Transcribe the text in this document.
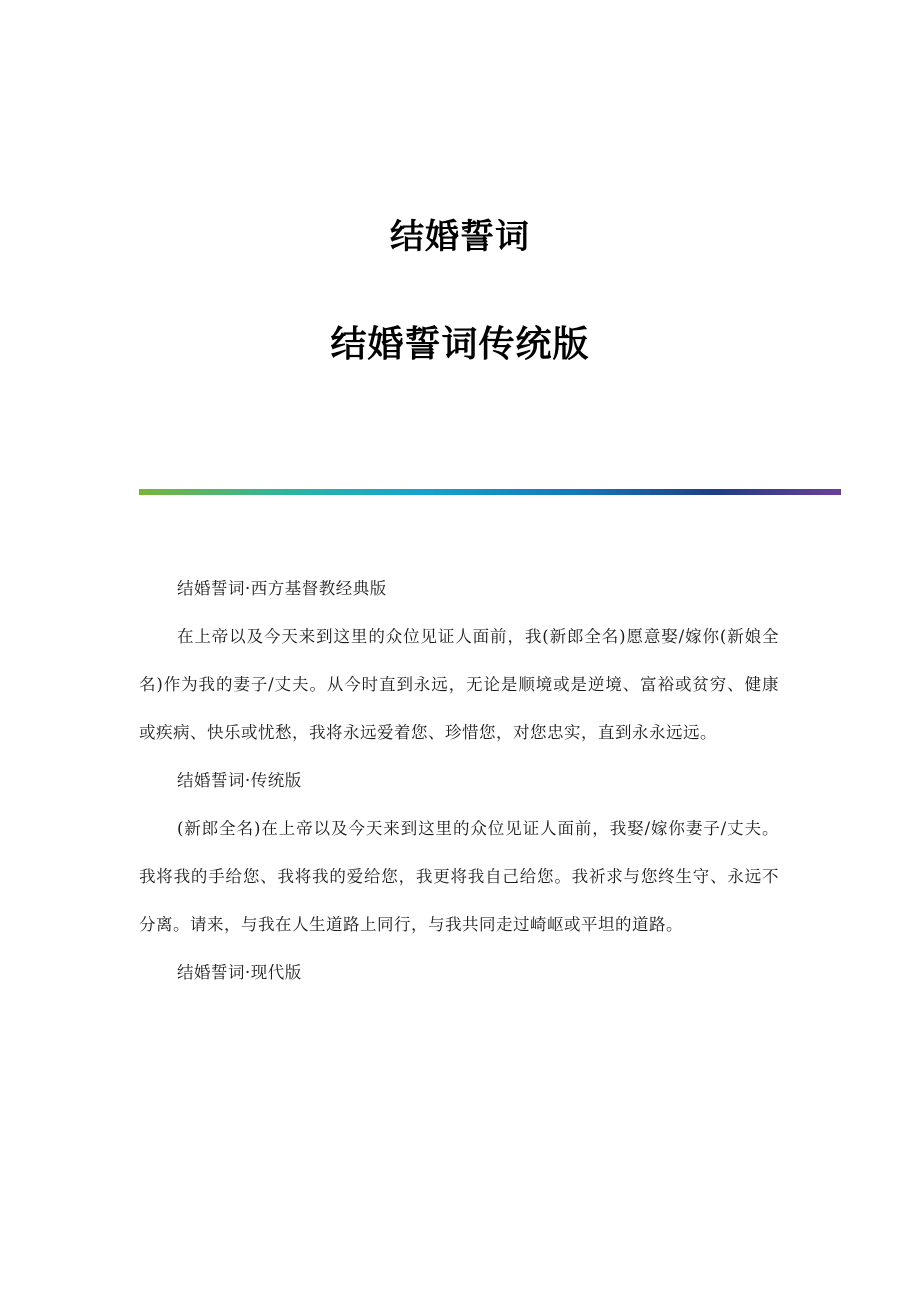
结婚誓词
结婚誓词传统版

结婚誓词·西方基督教经典版

在上帝以及今天来到这里的众位见证人面前，我(新郎全名)愿意娶/嫁你(新娘全名)作为我的妻子/丈夫。从今时直到永远，无论是顺境或是逆境、富裕或贫穷、健康或疾病、快乐或忧愁，我将永远爱着您、珍惜您，对您忠实，直到永永远远。

结婚誓词·传统版

(新郎全名)在上帝以及今天来到这里的众位见证人面前，我娶/嫁你妻子/丈夫。我将我的手给您、我将我的爱给您，我更将我自己给您。我祈求与您终生守、永远不分离。请来，与我在人生道路上同行，与我共同走过崎岖或平坦的道路。

结婚誓词·现代版
